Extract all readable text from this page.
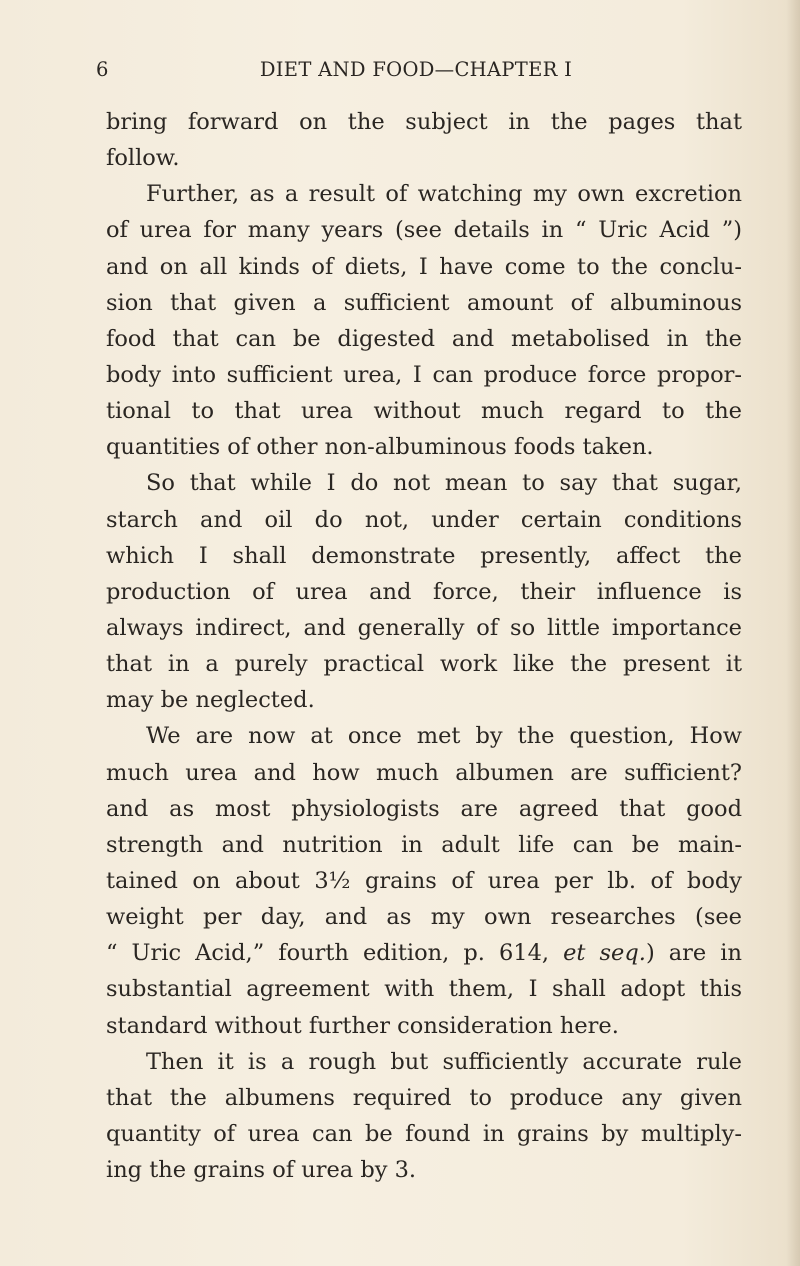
6	DIET AND FOOD—CHAPTER I
bring forward on the subject in the pages that
follow.
Further, as a result of watching my own excretion
of urea for many years (see details in “ Uric Acid ”)
and on all kinds of diets, I have come to the conclu-
sion that given a sufficient amount of albuminous
food that can be digested and metabolised in the
body into sufficient urea, I can produce force propor-
tional to that urea without much regard to the
quantities of other non-albuminous foods taken.
So that while I do not mean to say that sugar,
starch and oil do not, under certain conditions
which I shall demonstrate presently, affect the
production of urea and force, their influence is
always indirect, and generally of so little importance
that in a purely practical work like the present it
may be neglected.
We are now at once met by the question, How
much urea and how much albumen are sufficient?
and as most physiologists are agreed that good
strength and nutrition in adult life can be main-
tained on about 3½ grains of urea per lb. of body
weight per day, and as my own researches (see
“ Uric Acid,” fourth edition, p. 614, et seq.) are in
substantial agreement with them, I shall adopt this
standard without further consideration here.
Then it is a rough but sufficiently accurate rule
that the albumens required to produce any given
quantity of urea can be found in grains by multiply-
ing the grains of urea by 3.
